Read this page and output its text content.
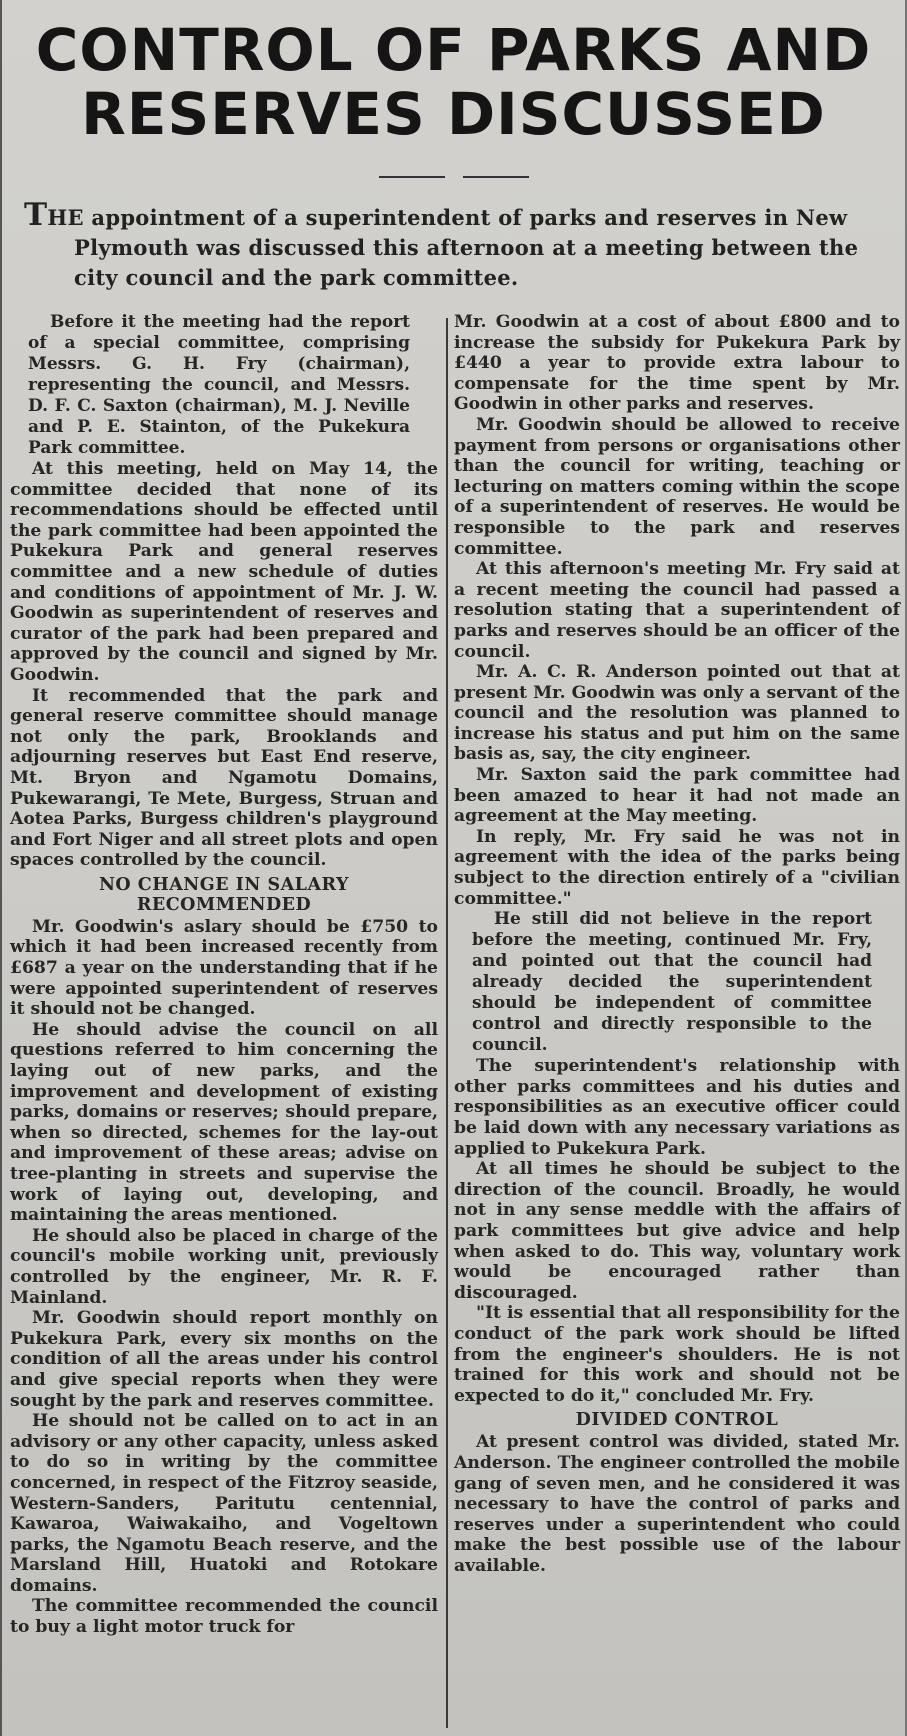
CONTROL OF PARKS AND
RESERVES DISCUSSED
THE appointment of a superintendent of parks and reserves in New
Plymouth was discussed this afternoon at a meeting between the city council and the park committee.

Before it the meeting had the report of a special committee, comprising Messrs. G. H. Fry (chairman), representing the council, and Messrs. D. F. C. Saxton (chairman), M. J. Neville and P. E. Stainton, of the Pukekura Park committee.

At this meeting, held on May 14, the committee decided that none of its recommendations should be effected until the park committee had been appointed the Pukekura Park and general reserves committee and a new schedule of duties and conditions of appointment of Mr. J. W. Goodwin as superintendent of reserves and curator of the park had been prepared and approved by the council and signed by Mr. Goodwin.

It recommended that the park and general reserve committee should manage not only the park, Brooklands and adjourning reserves but East End reserve, Mt. Bryon and Ngamotu Domains, Pukewarangi, Te Mete, Burgess, Struan and Aotea Parks, Burgess children's playground and Fort Niger and all street plots and open spaces controlled by the council.

NO CHANGE IN SALARY RECOMMENDED

Mr. Goodwin's aslary should be £750 to which it had been increased recently from £687 a year on the understanding that if he were appointed superintendent of reserves it should not be changed.

He should advise the council on all questions referred to him concerning the laying out of new parks, and the improvement and development of existing parks, domains or reserves; should prepare, when so directed, schemes for the lay-out and improvement of these areas; advise on tree-planting in streets and supervise the work of laying out, developing, and maintaining the areas mentioned.

He should also be placed in charge of the council's mobile working unit, previously controlled by the engineer, Mr. R. F. Mainland.

Mr. Goodwin should report monthly on Pukekura Park, every six months on the condition of all the areas under his control and give special reports when they were sought by the park and reserves committee.

He should not be called on to act in an advisory or any other capacity, unless asked to do so in writing by the committee concerned, in respect of the Fitzroy seaside, Western-Sanders, Paritutu centennial, Kawaroa, Waiwakaiho, and Vogeltown parks, the Ngamotu Beach reserve, and the Marsland Hill, Huatoki and Rotokare domains.

The committee recommended the council to buy a light motor truck for

Mr. Goodwin at a cost of about £800 and to increase the subsidy for Pukekura Park by £440 a year to provide extra labour to compensate for the time spent by Mr. Goodwin in other parks and reserves.

Mr. Goodwin should be allowed to receive payment from persons or organisations other than the council for writing, teaching or lecturing on matters coming within the scope of a superintendent of reserves. He would be responsible to the park and reserves committee.

At this afternoon's meeting Mr. Fry said at a recent meeting the council had passed a resolution stating that a superintendent of parks and reserves should be an officer of the council.

Mr. A. C. R. Anderson pointed out that at present Mr. Goodwin was only a servant of the council and the resolution was planned to increase his status and put him on the same basis as, say, the city engineer.

Mr. Saxton said the park committee had been amazed to hear it had not made an agreement at the May meeting.

In reply, Mr. Fry said he was not in agreement with the idea of the parks being subject to the direction entirely of a "civilian committee."

He still did not believe in the report before the meeting, continued Mr. Fry, and pointed out that the council had already decided the superintendent should be independent of committee control and directly responsible to the council.

The superintendent's relationship with other parks committees and his duties and responsibilities as an executive officer could be laid down with any necessary variations as applied to Pukekura Park.

At all times he should be subject to the direction of the council. Broadly, he would not in any sense meddle with the affairs of park committees but give advice and help when asked to do. This way, voluntary work would be encouraged rather than discouraged.

"It is essential that all responsibility for the conduct of the park work should be lifted from the engineer's shoulders. He is not trained for this work and should not be expected to do it," concluded Mr. Fry.

DIVIDED CONTROL

At present control was divided, stated Mr. Anderson. The engineer controlled the mobile gang of seven men, and he considered it was necessary to have the control of parks and reserves under a superintendent who could make the best possible use of the labour available.
